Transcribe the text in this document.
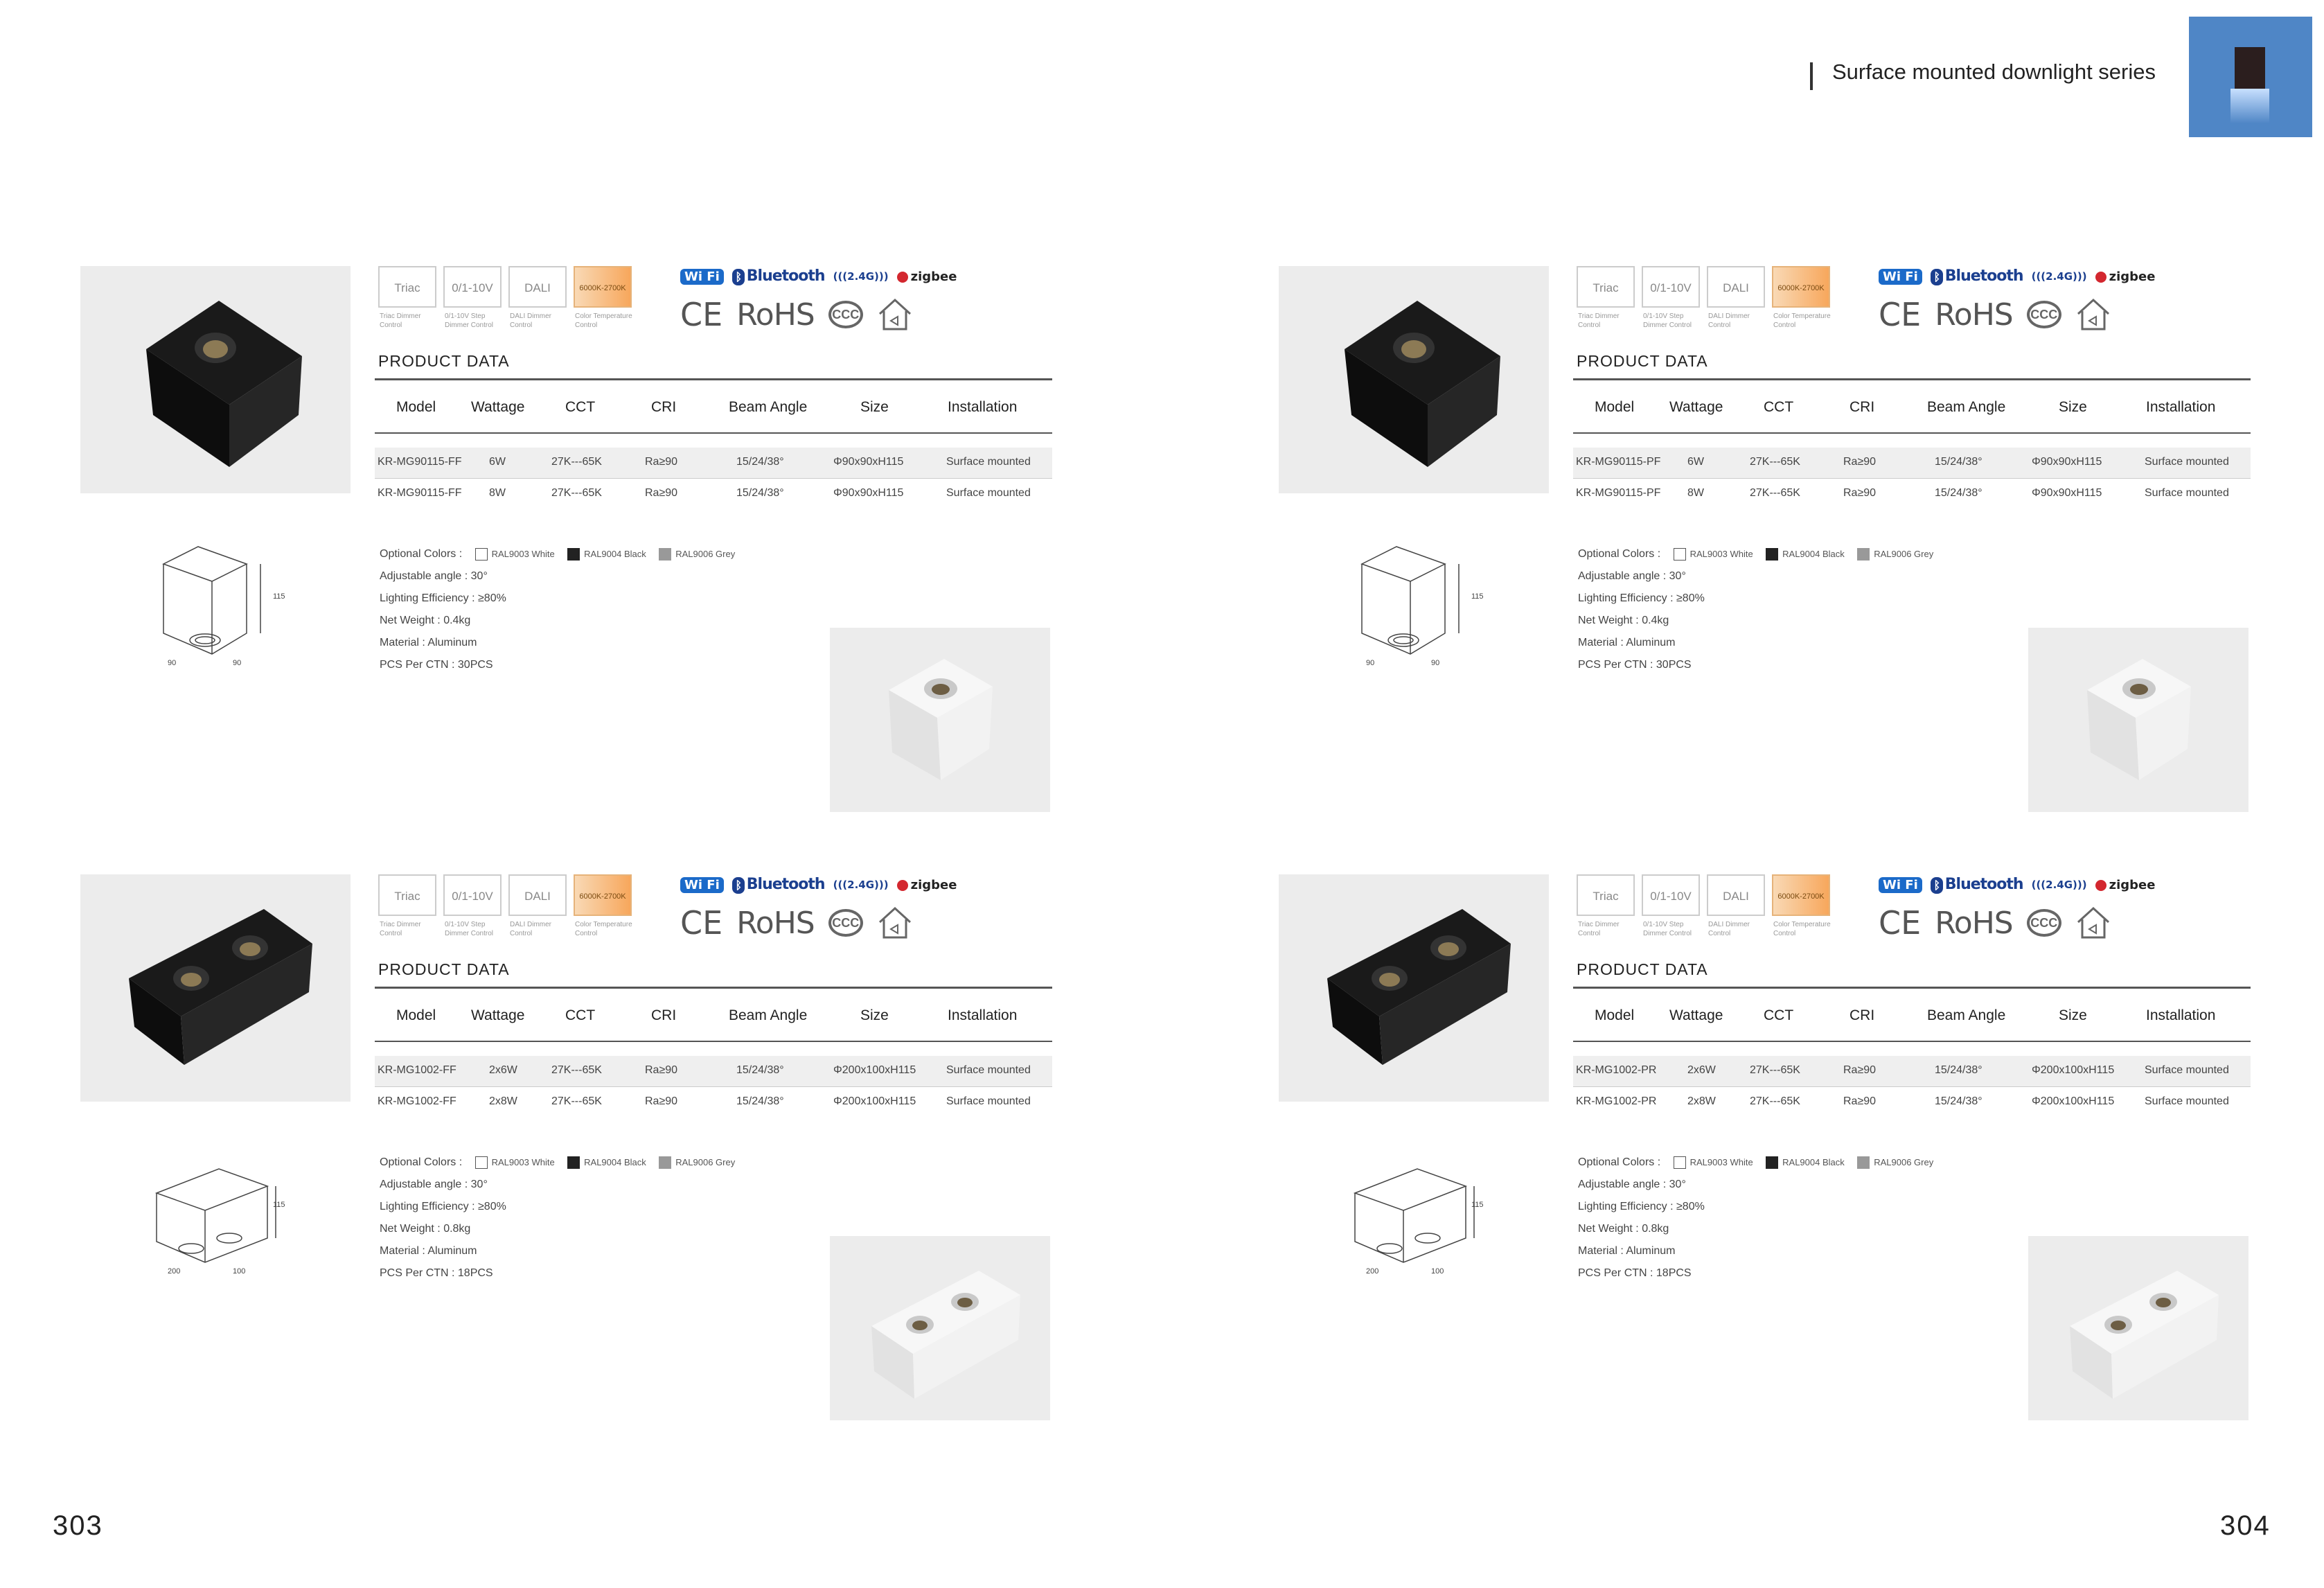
Surface mounted downlight series
303	304
Triac
Triac Dimmer Control
0/1-10V
0/1-10V Step Dimmer Control
DALI
DALI Dimmer Control
6000K-2700K
Color Temperature Control
Wi Fi	ᛒ Bluetooth (((2.4G)))	zigbee
CE RoHS	CCC
PRODUCT DATA
Model Wattage	CCT	CRI	Beam Angle	Size	Installation
KR-MG90115-FF 6W	27K---65K	Ra≥90	15/24/38°	Φ90x90xH115	Surface mounted
KR-MG90115-FF 8W	27K---65K	Ra≥90	15/24/38°	Φ90x90xH115	Surface mounted
Optional Colors :	RAL9003 White	RAL9004 Black	RAL9006 Grey
Adjustable angle : 30°
Lighting Efficiency : ≥80%
Net Weight : 0.4kg
Material : Aluminum
PCS Per CTN : 30PCS
115
90	90
Triac
Triac Dimmer Control
0/1-10V
0/1-10V Step Dimmer Control
DALI
DALI Dimmer Control
6000K-2700K
Color Temperature Control
Wi Fi	ᛒ Bluetooth (((2.4G)))	zigbee
CE RoHS	CCC
PRODUCT DATA
Model Wattage	CCT	CRI	Beam Angle	Size	Installation
KR-MG90115-PF 6W	27K---65K	Ra≥90	15/24/38°	Φ90x90xH115	Surface mounted
KR-MG90115-PF 8W	27K---65K	Ra≥90	15/24/38°	Φ90x90xH115	Surface mounted
Optional Colors :	RAL9003 White	RAL9004 Black	RAL9006 Grey
Adjustable angle : 30°
Lighting Efficiency : ≥80%
Net Weight : 0.4kg
Material : Aluminum
PCS Per CTN : 30PCS
115
90	90
Triac
Triac Dimmer Control
0/1-10V
0/1-10V Step Dimmer Control
DALI
DALI Dimmer Control
6000K-2700K
Color Temperature Control
Wi Fi	ᛒ Bluetooth (((2.4G)))	zigbee
CE RoHS	CCC
PRODUCT DATA
Model Wattage	CCT	CRI	Beam Angle	Size	Installation
KR-MG1002-FF	2x6W	27K---65K	Ra≥90	15/24/38°	Φ200x100xH115	Surface mounted
KR-MG1002-FF	2x8W	27K---65K	Ra≥90	15/24/38°	Φ200x100xH115	Surface mounted
Optional Colors :	RAL9003 White	RAL9004 Black	RAL9006 Grey
Adjustable angle : 30°
Lighting Efficiency : ≥80%
Net Weight : 0.8kg
Material : Aluminum
PCS Per CTN : 18PCS
115
200	100
Triac
Triac Dimmer Control
0/1-10V
0/1-10V Step Dimmer Control
DALI
DALI Dimmer Control
6000K-2700K
Color Temperature Control
Wi Fi	ᛒ Bluetooth (((2.4G)))	zigbee
CE RoHS	CCC
PRODUCT DATA
Model Wattage	CCT	CRI	Beam Angle	Size	Installation
KR-MG1002-PR	2x6W	27K---65K	Ra≥90	15/24/38°	Φ200x100xH115	Surface mounted
KR-MG1002-PR	2x8W	27K---65K	Ra≥90	15/24/38°	Φ200x100xH115	Surface mounted
Optional Colors :	RAL9003 White	RAL9004 Black	RAL9006 Grey
Adjustable angle : 30°
Lighting Efficiency : ≥80%
Net Weight : 0.8kg
Material : Aluminum
PCS Per CTN : 18PCS
115
200	100
